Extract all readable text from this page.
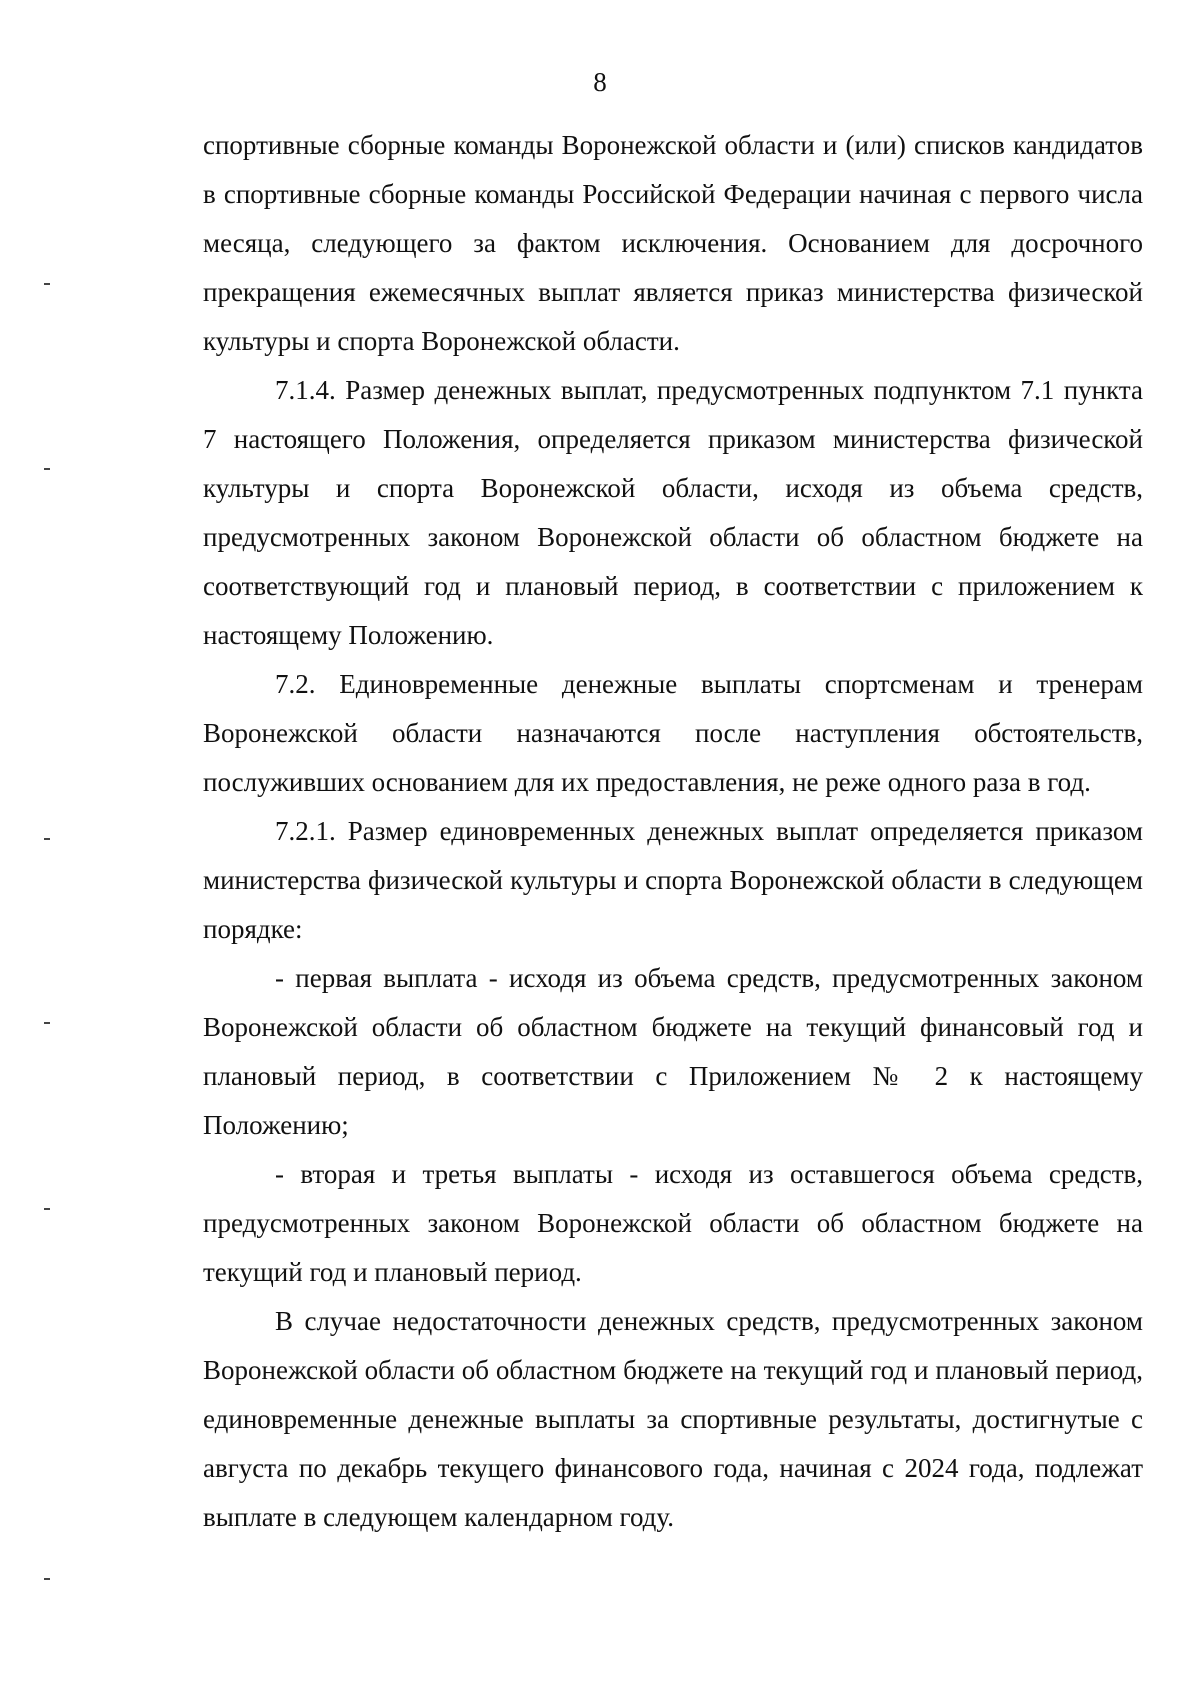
8

спортивные сборные команды Воронежской области и (или) списков кандидатов в спортивные сборные команды Российской Федерации начиная с первого числа месяца, следующего за фактом исключения. Основанием для досрочного прекращения ежемесячных выплат является приказ министерства физической культуры и спорта Воронежской области.

7.1.4. Размер денежных выплат, предусмотренных подпунктом 7.1 пункта 7 настоящего Положения, определяется приказом министерства физической культуры и спорта Воронежской области, исходя из объема средств, предусмотренных законом Воронежской области об областном бюджете на соответствующий год и плановый период, в соответствии с приложением к настоящему Положению.

7.2. Единовременные денежные выплаты спортсменам и тренерам Воронежской области назначаются после наступления обстоятельств, послуживших основанием для их предоставления, не реже одного раза в год.

7.2.1. Размер единовременных денежных выплат определяется приказом министерства физической культуры и спорта Воронежской области в следующем порядке:

- первая выплата - исходя из объема средств, предусмотренных законом Воронежской области об областном бюджете на текущий финансовый год и плановый период, в соответствии с Приложением № 2 к настоящему Положению;

- вторая и третья выплаты - исходя из оставшегося объема средств, предусмотренных законом Воронежской области об областном бюджете на текущий год и плановый период.

В случае недостаточности денежных средств, предусмотренных законом Воронежской области об областном бюджете на текущий год и плановый период, единовременные денежные выплаты за спортивные результаты, достигнутые с августа по декабрь текущего финансового года, начиная с 2024 года, подлежат выплате в следующем календарном году.
